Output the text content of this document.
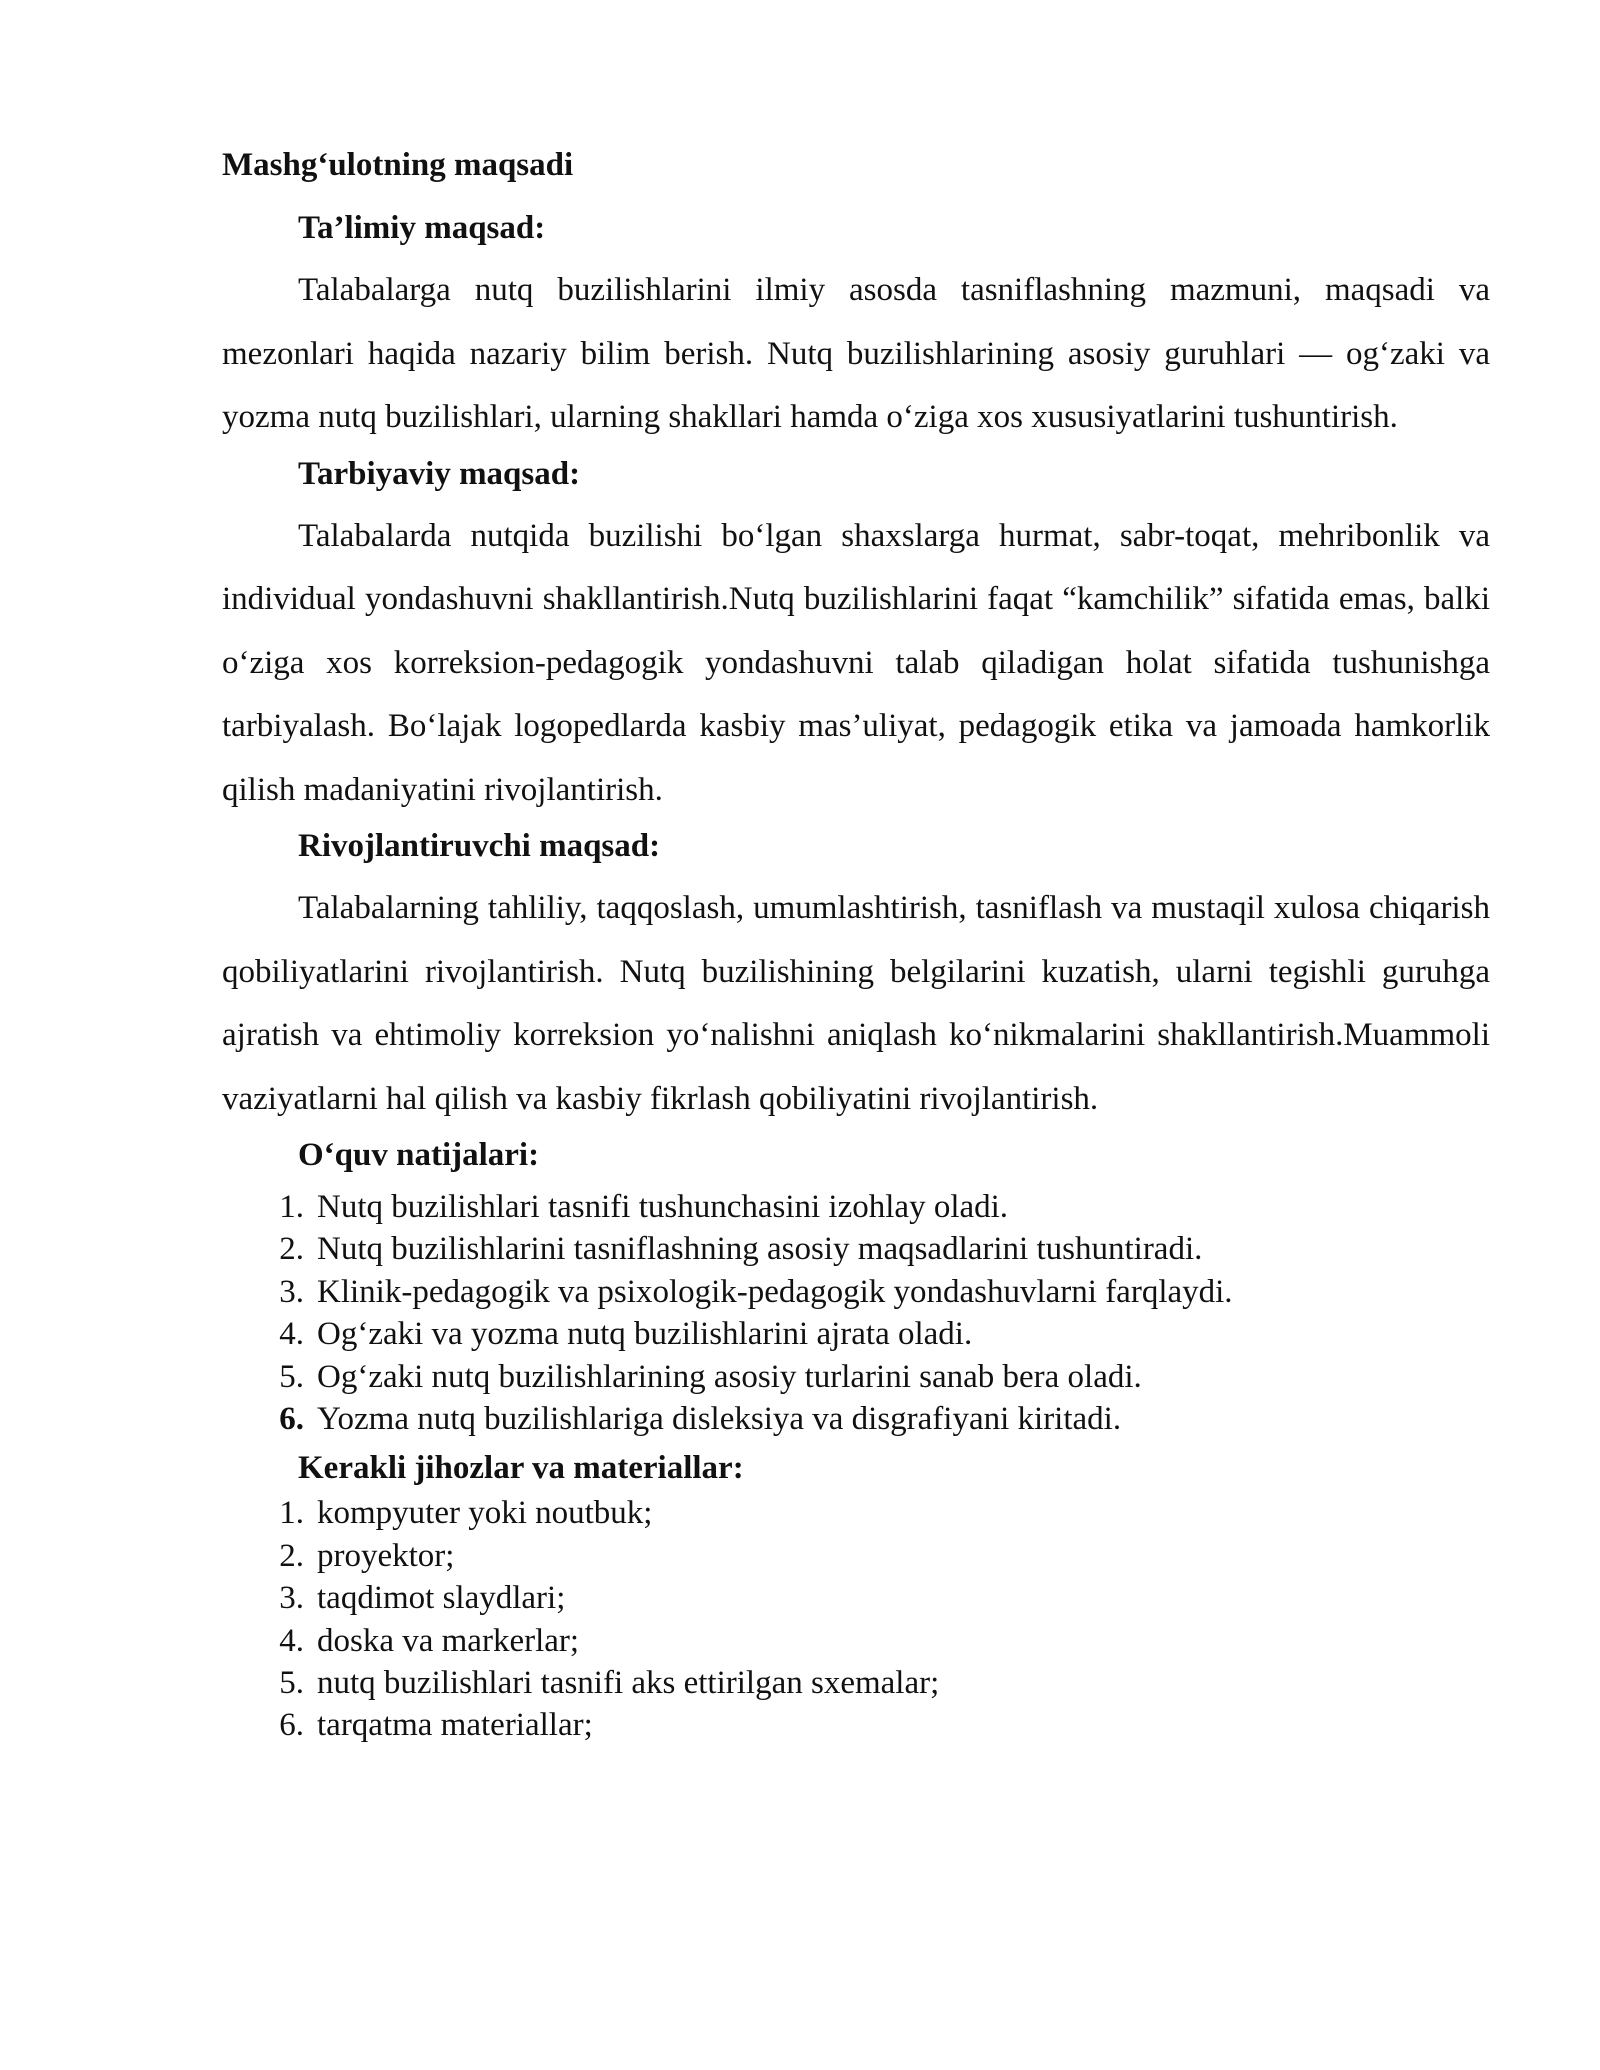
Mashg‘ulotning maqsadi
Ta’limiy maqsad:

Talabalarga nutq buzilishlarini ilmiy asosda tasniflashning mazmuni, maqsadi va mezonlari haqida nazariy bilim berish. Nutq buzilishlarining asosiy guruhlari — og‘zaki va yozma nutq buzilishlari, ularning shakllari hamda o‘ziga xos xususiyatlarini tushuntirish.

Tarbiyaviy maqsad:

Talabalarda nutqida buzilishi bo‘lgan shaxslarga hurmat, sabr-toqat, mehribonlik va individual yondashuvni shakllantirish.Nutq buzilishlarini faqat “kamchilik” sifatida emas, balki o‘ziga xos korreksion-pedagogik yondashuvni talab qiladigan holat sifatida tushunishga tarbiyalash. Bo‘lajak logopedlarda kasbiy mas’uliyat, pedagogik etika va jamoada hamkorlik qilish madaniyatini rivojlantirish.

Rivojlantiruvchi maqsad:

Talabalarning tahliliy, taqqoslash, umumlashtirish, tasniflash va mustaqil xulosa chiqarish qobiliyatlarini rivojlantirish. Nutq buzilishining belgilarini kuzatish, ularni tegishli guruhga ajratish va ehtimoliy korreksion yo‘nalishni aniqlash ko‘nikmalarini shakllantirish.Muammoli vaziyatlarni hal qilish va kasbiy fikrlash qobiliyatini rivojlantirish.

O‘quv natijalari:
1. Nutq buzilishlari tasnifi tushunchasini izohlay oladi.
2. Nutq buzilishlarini tasniflashning asosiy maqsadlarini tushuntiradi.
3. Klinik-pedagogik va psixologik-pedagogik yondashuvlarni farqlaydi.
4. Og‘zaki va yozma nutq buzilishlarini ajrata oladi.
5. Og‘zaki nutq buzilishlarining asosiy turlarini sanab bera oladi.
6. Yozma nutq buzilishlariga disleksiya va disgrafiyani kiritadi.
Kerakli jihozlar va materiallar:
1. kompyuter yoki noutbuk;
2. proyektor;
3. taqdimot slaydlari;
4. doska va markerlar;
5. nutq buzilishlari tasnifi aks ettirilgan sxemalar;
6. tarqatma materiallar;
